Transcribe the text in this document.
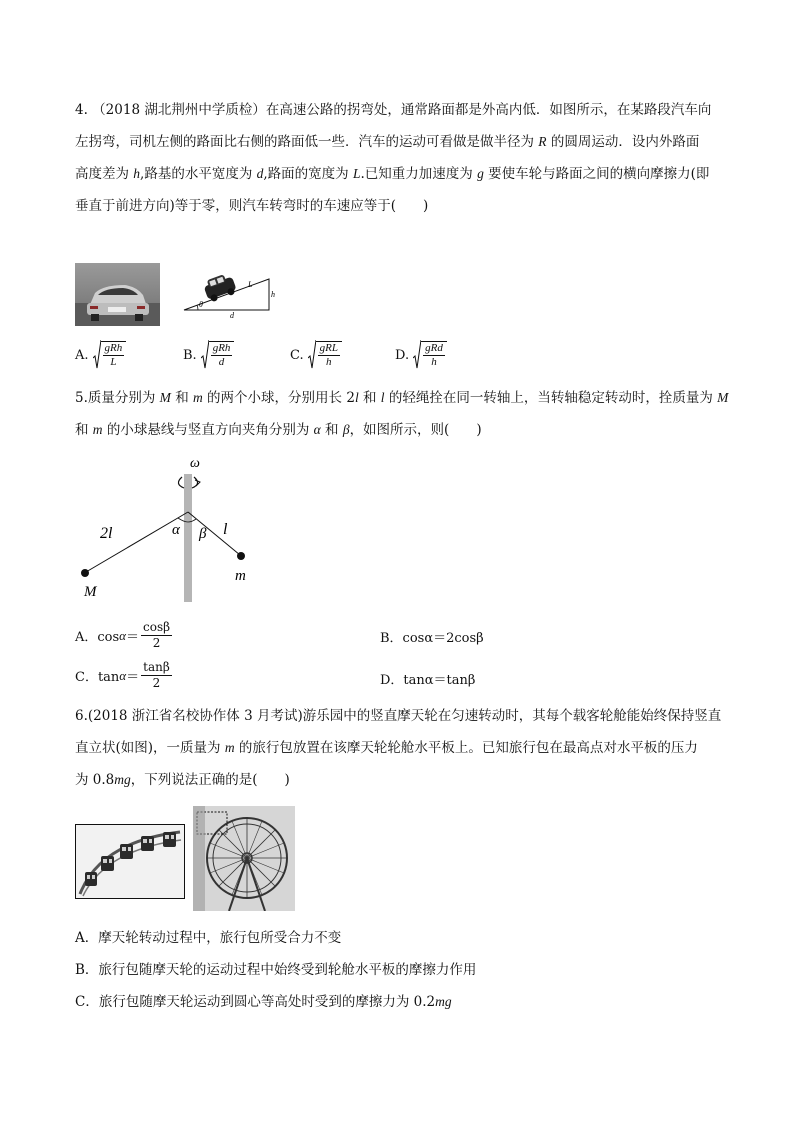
4. （2018 湖北荆州中学质检）在高速公路的拐弯处，通常路面都是外高内低．如图所示，在某路段汽车向
左拐弯，司机左侧的路面比右侧的路面低一些．汽车的运动可看做是做半径为 R 的圆周运动．设内外路面
高度差为 h,路基的水平宽度为 d,路面的宽度为 L.已知重力加速度为 g 要使车轮与路面之间的横向摩擦力(即
垂直于前进方向)等于零，则汽车转弯时的车速应等于(　　)
θ
L
h
d
A. $\frac{\text{gRh}}{L}$	B. $\frac{\text{gRh}}{d}$	C. $\frac{\text{gRL}}{h}$	D. $\frac{\text{gRd}}{h}$
5.质量分别为 M 和 m 的两个小球，分别用长 2l 和 l 的轻绳拴在同一转轴上，当转轴稳定转动时，拴质量为 M
和 m 的小球悬线与竖直方向夹角分别为 α 和 β，如图所示，则(　　)
ω
2l	l
α β
M
m
A．$\cos \alpha = \frac{\cos\beta}{2}$	B．cosα＝2cosβ
C．$\tan \alpha = \frac{\tan\beta}{2}$	D．tanα＝tanβ
6.(2018 浙江省名校协作体 3 月考试)游乐园中的竖直摩天轮在匀速转动时，其每个载客轮舱能始终保持竖直
直立状(如图)，一质量为 m 的旅行包放置在该摩天轮轮舱水平板上。已知旅行包在最高点对水平板的压力
为 0.8mg，下列说法正确的是(　　)
A．摩天轮转动过程中，旅行包所受合力不变
B．旅行包随摩天轮的运动过程中始终受到轮舱水平板的摩擦力作用
C．旅行包随摩天轮运动到圆心等高处时受到的摩擦力为 0.2mg
